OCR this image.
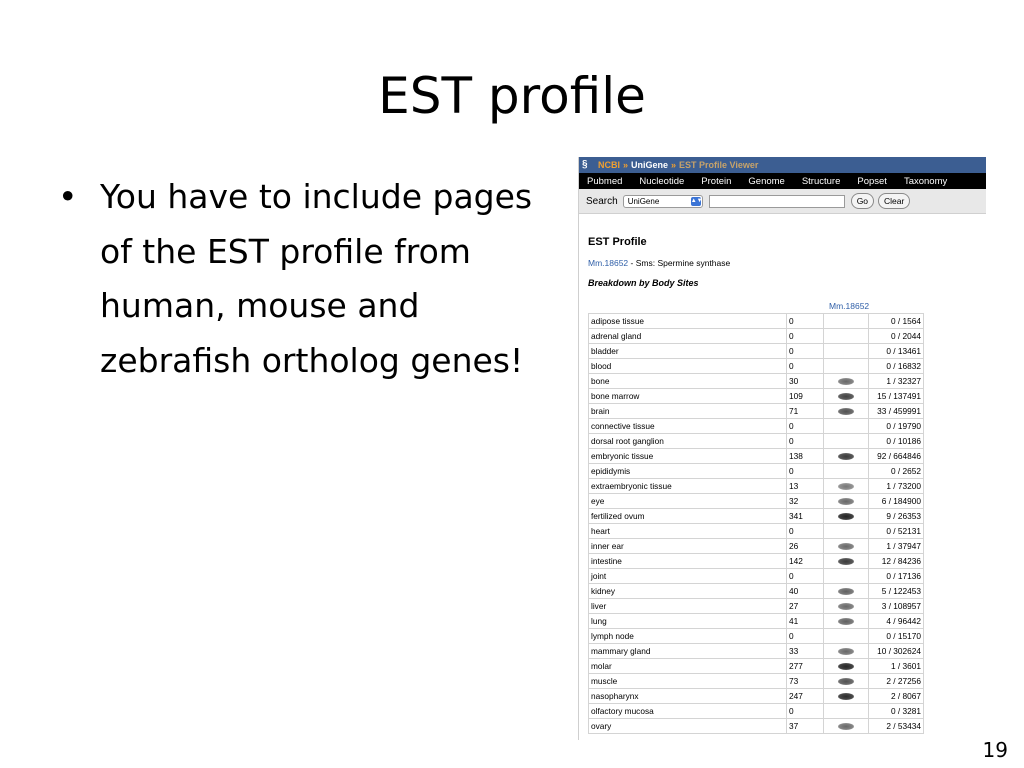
EST profile
• You have to include pages of the EST profile from human, mouse and zebrafish ortholog genes!
§	NCBI » UniGene » EST Profile Viewer
Pubmed Nucleotide Protein Genome Structure Popset Taxonomy
Search UniGene	▲▼	Go	Clear
EST Profile
Mm.18652 - Sms: Spermine synthase
Breakdown by Body Sites
Mm.18652
adipose tissue	0		0 / 1564
adrenal gland	0		0 / 2044
bladder	0		0 / 13461
blood	0		0 / 16832
bone	30		1 / 32327
bone marrow	109		15 / 137491
brain	71		33 / 459991
connective tissue	0		0 / 19790
dorsal root ganglion	0		0 / 10186
embryonic tissue	138		92 / 664846
epididymis	0		0 / 2652
extraembryonic tissue	13		1 / 73200
eye	32		6 / 184900
fertilized ovum	341		9 / 26353
heart	0		0 / 52131
inner ear	26		1 / 37947
intestine	142		12 / 84236
joint	0		0 / 17136
kidney	40		5 / 122453
liver	27		3 / 108957
lung	41		4 / 96442
lymph node	0		0 / 15170
mammary gland	33		10 / 302624
molar	277		1 / 3601
muscle	73		2 / 27256
nasopharynx	247		2 / 8067
olfactory mucosa	0		0 / 3281
ovary	37		2 / 53434
19
